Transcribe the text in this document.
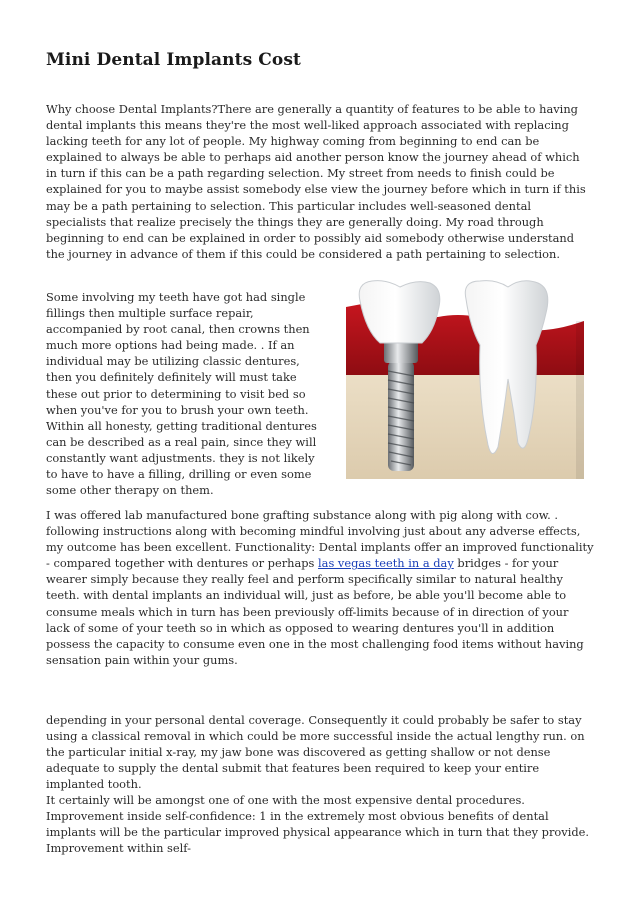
Mini Dental Implants Cost

Why choose Dental Implants?There are generally a quantity of features to be able to having dental implants this means they're the most well-liked approach associated with replacing lacking teeth for any lot of people. My highway coming from beginning to end can be explained to always be able to perhaps aid another person know the journey ahead of which in turn if this can be a path regarding selection. My street from needs to finish could be explained for you to maybe assist somebody else view the journey before which in turn if this may be a path pertaining to selection. This particular includes well-seasoned dental specialists that realize precisely the things they are generally doing. My road through beginning to end can be explained in order to possibly aid somebody otherwise understand the journey in advance of them if this could be considered a path pertaining to selection.

Some involving my teeth have got had single fillings then multiple surface repair, accompanied by root canal, then crowns then much more options had being made. . If an individual may be utilizing classic dentures, then you definitely definitely will must take these out prior to determining to visit bed so when you've for you to brush your own teeth. Within all honesty, getting traditional dentures can be described as a real pain, since they will constantly want adjustments. they is not likely to have to have a filling, drilling or even some some other therapy on them.

I was offered lab manufactured bone grafting substance along with pig along with cow. . following instructions along with becoming mindful involving just about any adverse effects, my outcome has been excellent. Functionality: Dental implants offer an improved functionality - compared together with dentures or perhaps las vegas teeth in a day bridges - for your wearer simply because they really feel and perform specifically similar to natural healthy teeth. with dental implants an individual will, just as before, be able you'll become able to consume meals which in turn has been previously off-limits because of in direction of your lack of some of your teeth so in which as opposed to wearing dentures you'll in addition possess the capacity to consume even one in the most challenging food items without having sensation pain within your gums.

depending in your personal dental coverage. Consequently it could probably be safer to stay using a classical removal in which could be more successful inside the actual lengthy run. on the particular initial x-ray, my jaw bone was discovered as getting shallow or not dense adequate to supply the dental submit that features been required to keep your entire implanted tooth.

It certainly will be amongst one of one with the most expensive dental procedures. Improvement inside self-confidence: 1 in the extremely most obvious benefits of dental implants will be the particular improved physical appearance which in turn that they provide. Improvement within self-
